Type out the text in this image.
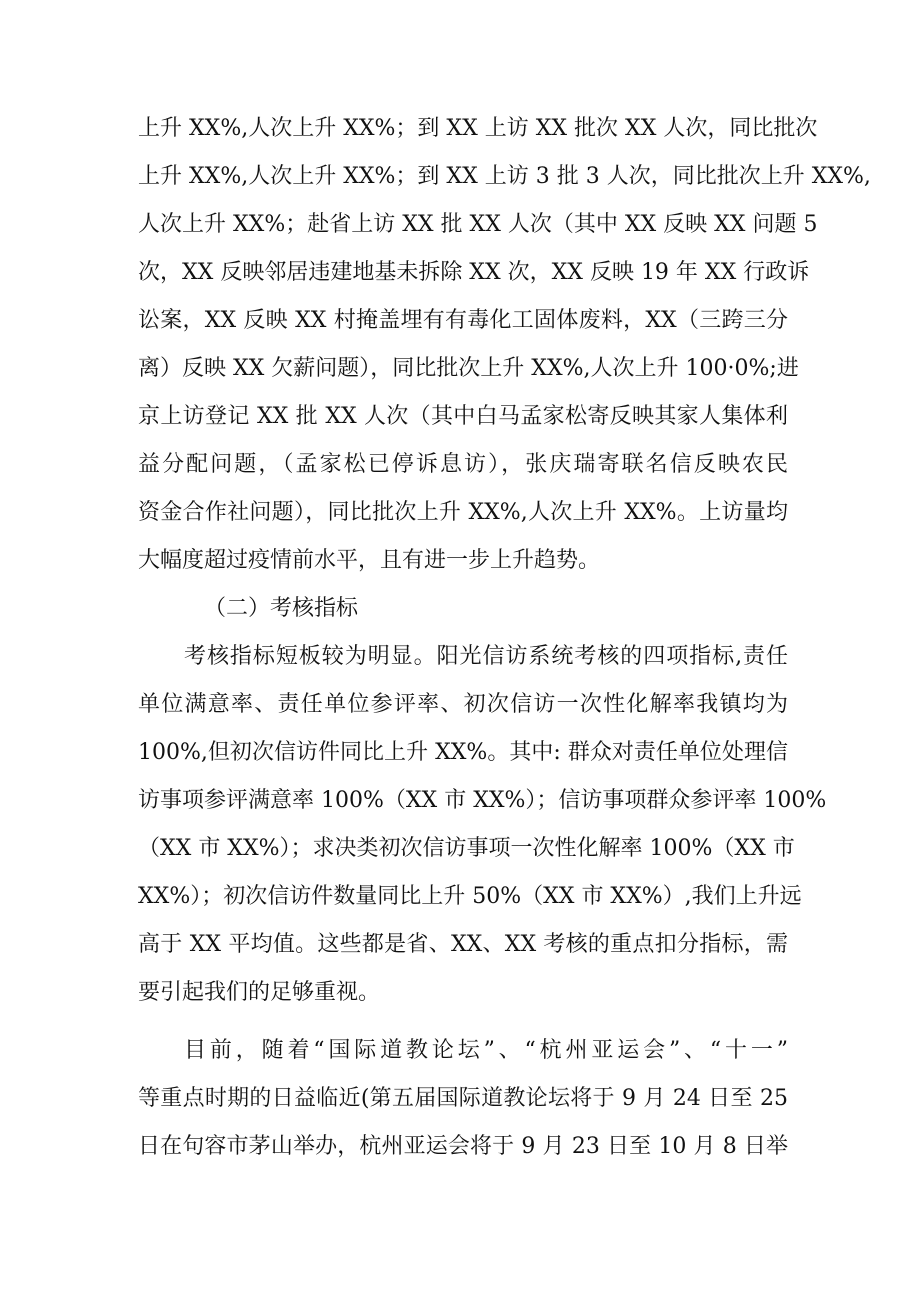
上升 XX%,人次上升 XX%；到 XX 上访 XX 批次 XX 人次，同比批次
上升 XX%,人次上升 XX%；到 XX 上访 3 批 3 人次，同比批次上升 XX%,
人次上升 XX%；赴省上访 XX 批 XX 人次（其中 XX 反映 XX 问题 5
次，XX 反映邻居违建地基未拆除 XX 次，XX 反映 19 年 XX 行政诉
讼案，XX 反映 XX 村掩盖埋有有毒化工固体废料，XX（三跨三分
离）反映 XX 欠薪问题），同比批次上升 XX%,人次上升 100·0%;进
京上访登记 XX 批 XX 人次（其中白马孟家松寄反映其家人集体利
益分配问题，（孟家松已停诉息访），张庆瑞寄联名信反映农民
资金合作社问题），同比批次上升 XX%,人次上升 XX%。上访量均
大幅度超过疫情前水平，且有进一步上升趋势。
（二）考核指标
考核指标短板较为明显。阳光信访系统考核的四项指标,责任
单位满意率、责任单位参评率、初次信访一次性化解率我镇均为
100%,但初次信访件同比上升 XX%。其中: 群众对责任单位处理信
访事项参评满意率 100%（XX 市 XX%）；信访事项群众参评率 100%
（XX 市 XX%）；求决类初次信访事项一次性化解率 100%（XX 市
XX%）；初次信访件数量同比上升 50%（XX 市 XX%）,我们上升远
高于 XX 平均值。这些都是省、XX、XX 考核的重点扣分指标，需
要引起我们的足够重视。
目前，随着“国际道教论坛”、“杭州亚运会”、“十一”
等重点时期的日益临近(第五届国际道教论坛将于 9 月 24 日至 25
日在句容市茅山举办，杭州亚运会将于 9 月 23 日至 10 月 8 日举
